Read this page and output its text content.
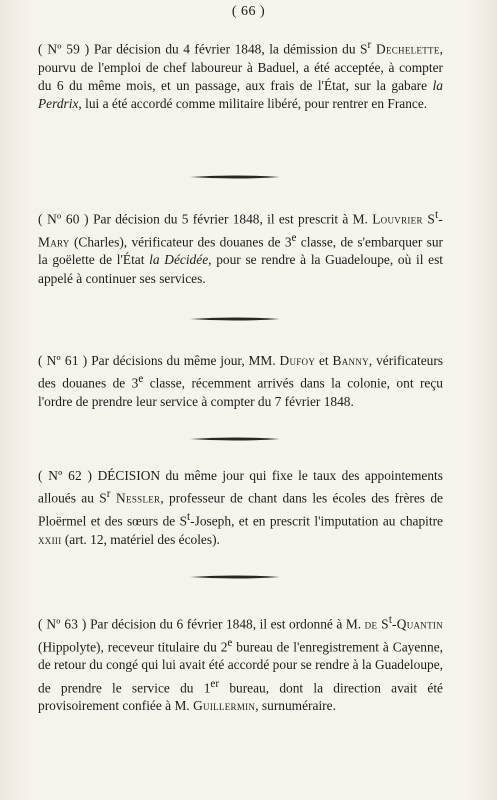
( 66 )

( Nº 59 ) Par décision du 4 février 1848, la démission du $S^r$ Dechelette, pourvu de l'emploi de chef laboureur à Baduel, a été acceptée, à compter du 6 du même mois, et un passage, aux frais de l'État, sur la gabare la Perdrix, lui a été accordé comme militaire libéré, pour rentrer en France.

( Nº 60 ) Par décision du 5 février 1848, il est prescrit à M. Louvrier $S^t$-Mary (Charles), vérificateur des douanes de 3e classe, de s'embarquer sur la goëlette de l'État la Décidée, pour se rendre à la Guadeloupe, où il est appelé à continuer ses services.

( Nº 61 ) Par décisions du même jour, MM. Dufoy et Banny, vérificateurs des douanes de 3e classe, récemment arrivés dans la colonie, ont reçu l'ordre de prendre leur service à compter du 7 février 1848.

( Nº 62 ) DÉCISION du même jour qui fixe le taux des appointements alloués au $S^r$ Nessler, professeur de chant dans les écoles des frères de Ploërmel et des sœurs de $S^t$-Joseph, et en prescrit l'imputation au chapitre xxiii (art. 12, matériel des écoles).

( Nº 63 ) Par décision du 6 février 1848, il est ordonné à M. de $S^t$-Quantin (Hippolyte), receveur titulaire du 2e bureau de l'enregistrement à Cayenne, de retour du congé qui lui avait été accordé pour se rendre à la Guadeloupe, de prendre le service du 1er bureau, dont la direction avait été provisoirement confiée à M. Guillermin, surnuméraire.
